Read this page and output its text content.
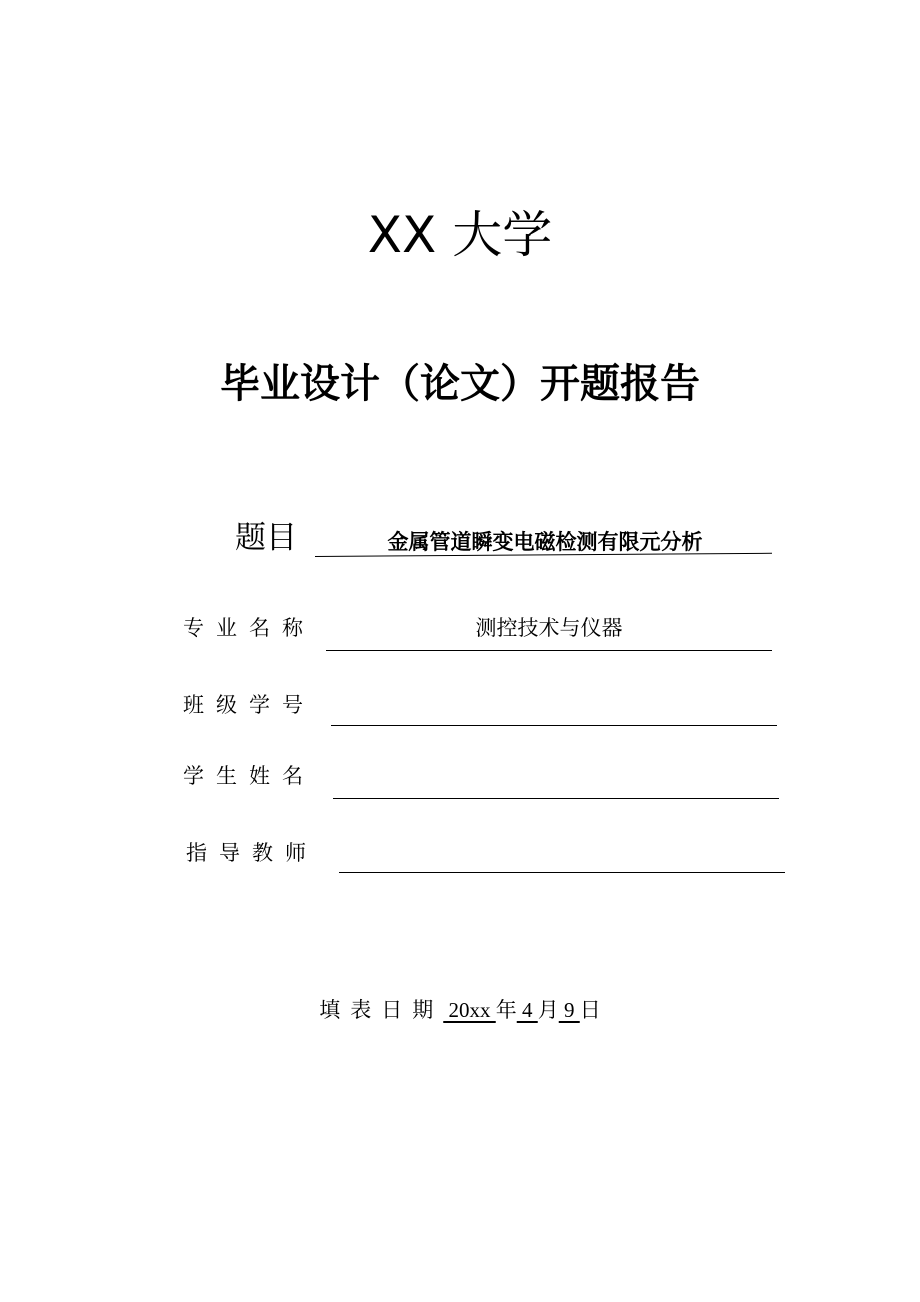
XX 大学
毕业设计（论文）开题报告
题目	金属管道瞬变电磁检测有限元分析
专业名称	测控技术与仪器
班级学号
学生姓名
指导教师
填表日期 20xx 年 4 月 9 日
